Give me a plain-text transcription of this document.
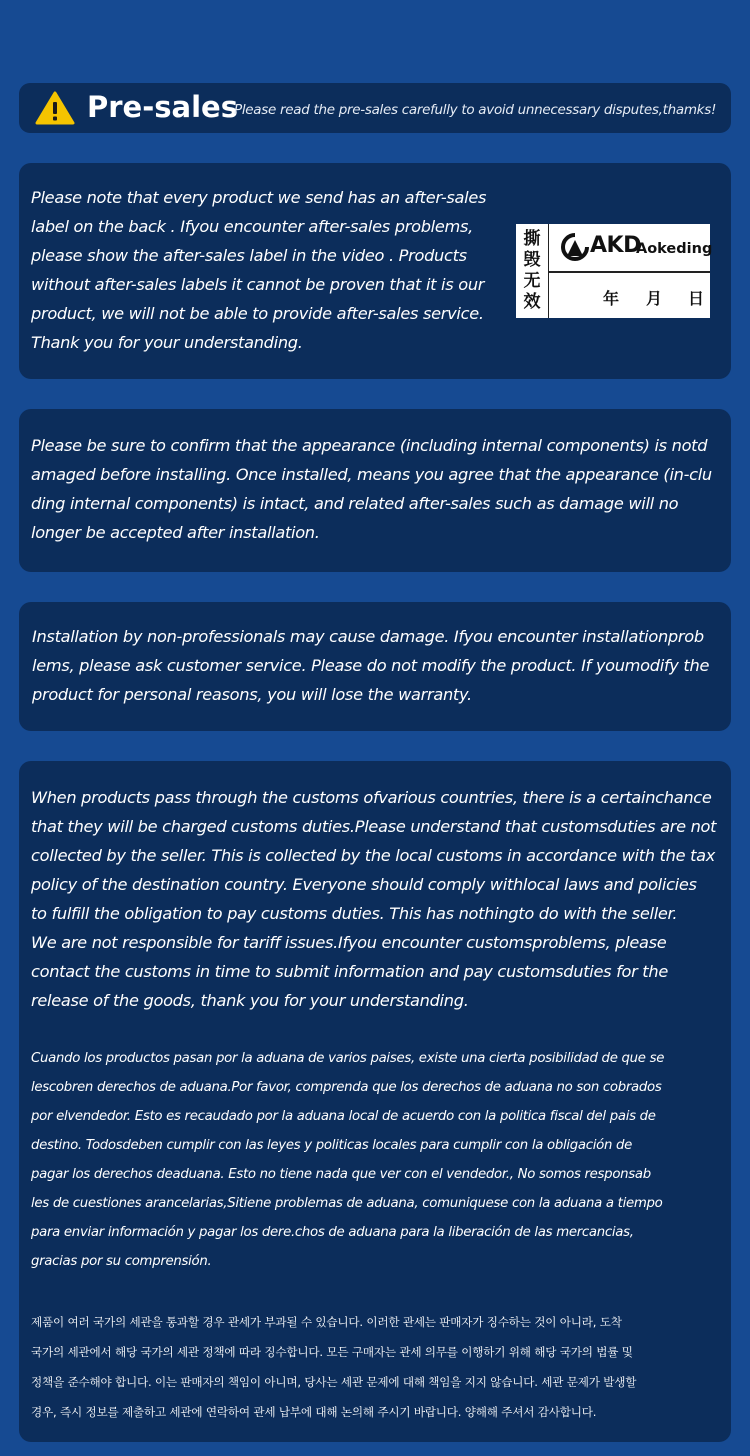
Pre-sales
Please read the pre-sales carefully to avoid unnecessary disputes,thamks!

Please note that every product we send has an after-sales

label on the back . Ifyou encounter after-sales problems,

please show the after-sales label in the video . Products

without after-sales labels it cannot be proven that it is our

product, we will not be able to provide after-sales service.

Thank you for your understanding.

撕
毁
无
效
AKD
Aokeding
年 月 日

Please be sure to confirm that the appearance (including internal components) is notd

amaged before installing. Once installed, means you agree that the appearance (in-clu

ding internal components) is intact, and related after-sales such as damage will no

longer be accepted after installation.

Installation by non-professionals may cause damage. Ifyou encounter installationprob

lems, please ask customer service. Please do not modify the product. If youmodify the

product for personal reasons, you will lose the warranty.

When products pass through the customs ofvarious countries, there is a certainchance

that they will be charged customs duties.Please understand that customsduties are not

collected by the seller. This is collected by the local customs in accordance with the tax

policy of the destination country. Everyone should comply withlocal laws and policies

to fulfill the obligation to pay customs duties. This has nothingto do with the seller.

We are not responsible for tariff issues.Ifyou encounter customsproblems, please

contact the customs in time to submit information and pay customsduties for the

release of the goods, thank you for your understanding.

Cuando los productos pasan por la aduana de varios paises, existe una cierta posibilidad de que se

lescobren derechos de aduana.Por favor, comprenda que los derechos de aduana no son cobrados

por elvendedor. Esto es recaudado por la aduana local de acuerdo con la politica fiscal del pais de

destino. Todosdeben cumplir con las leyes y politicas locales para cumplir con la obligación de

pagar los derechos deaduana. Esto no tiene nada que ver con el vendedor., No somos responsab

les de cuestiones arancelarias,Sitiene problemas de aduana, comuniquese con la aduana a tiempo

para enviar información y pagar los dere.chos de aduana para la liberación de las mercancias,

gracias por su comprensión.

제품이 여러 국가의 세관을 통과할 경우 관세가 부과될 수 있습니다. 이러한 관세는 판매자가 징수하는 것이 아니라, 도착

국가의 세관에서 해당 국가의 세관 정책에 따라 징수합니다. 모든 구매자는 관세 의무를 이행하기 위해 해당 국가의 법률 및

정책을 준수해야 합니다. 이는 판매자의 책임이 아니며, 당사는 세관 문제에 대해 책임을 지지 않습니다. 세관 문제가 발생할

경우, 즉시 정보를 제출하고 세관에 연락하여 관세 납부에 대해 논의해 주시기 바랍니다. 양해해 주셔서 감사합니다.
